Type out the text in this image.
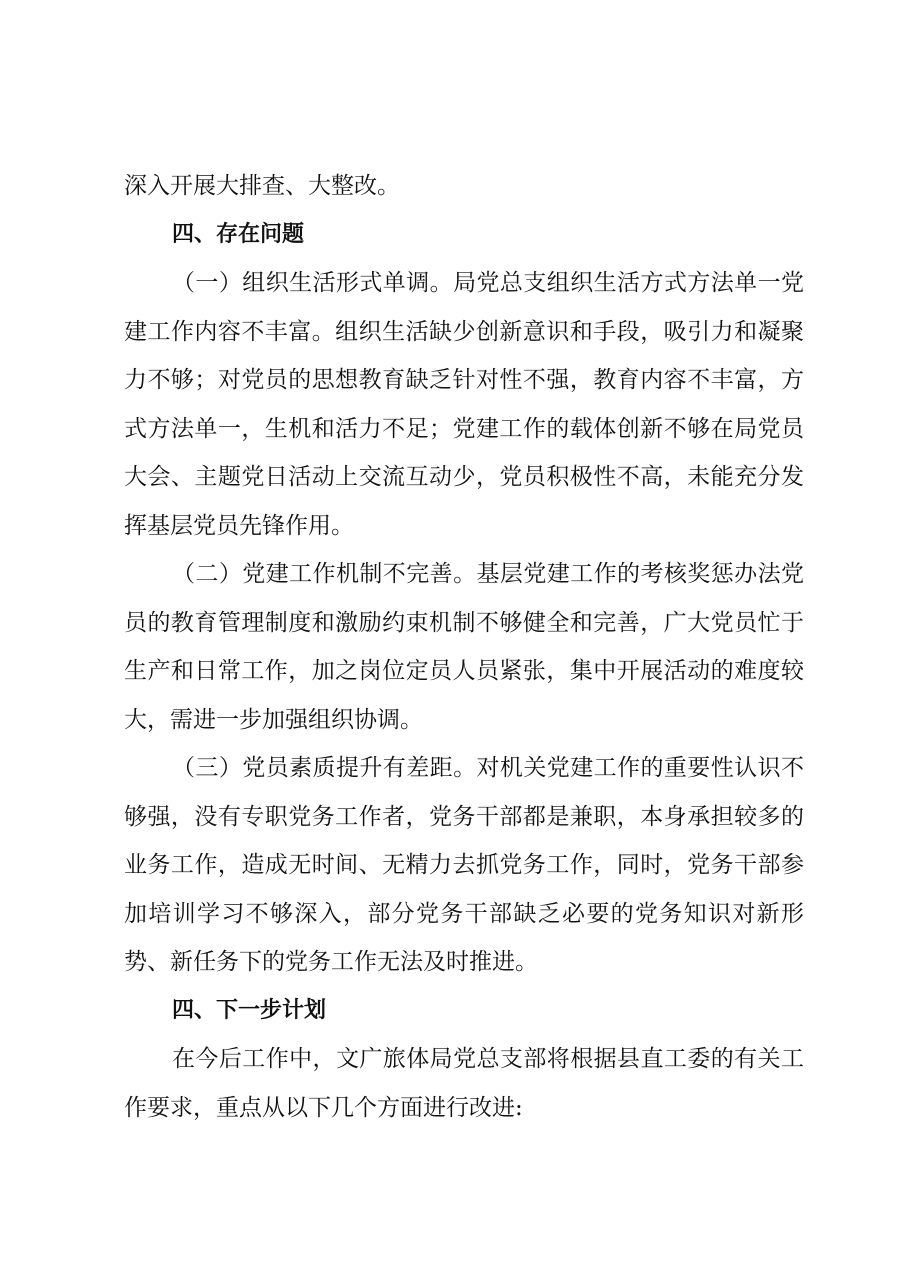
深入开展大排查、大整改。

四、存在问题

（一）组织生活形式单调。局党总支组织生活方式方法单一党建工作内容不丰富。组织生活缺少创新意识和手段，吸引力和凝聚力不够；对党员的思想教育缺乏针对性不强，教育内容不丰富，方式方法单一，生机和活力不足；党建工作的载体创新不够在局党员大会、主题党日活动上交流互动少，党员积极性不高，未能充分发挥基层党员先锋作用。

（二）党建工作机制不完善。基层党建工作的考核奖惩办法党员的教育管理制度和激励约束机制不够健全和完善，广大党员忙于生产和日常工作，加之岗位定员人员紧张，集中开展活动的难度较大，需进一步加强组织协调。

（三）党员素质提升有差距。对机关党建工作的重要性认识不够强，没有专职党务工作者，党务干部都是兼职，本身承担较多的业务工作，造成无时间、无精力去抓党务工作，同时，党务干部参加培训学习不够深入，部分党务干部缺乏必要的党务知识对新形势、新任务下的党务工作无法及时推进。

四、下一步计划

在今后工作中，文广旅体局党总支部将根据县直工委的有关工作要求，重点从以下几个方面进行改进:
